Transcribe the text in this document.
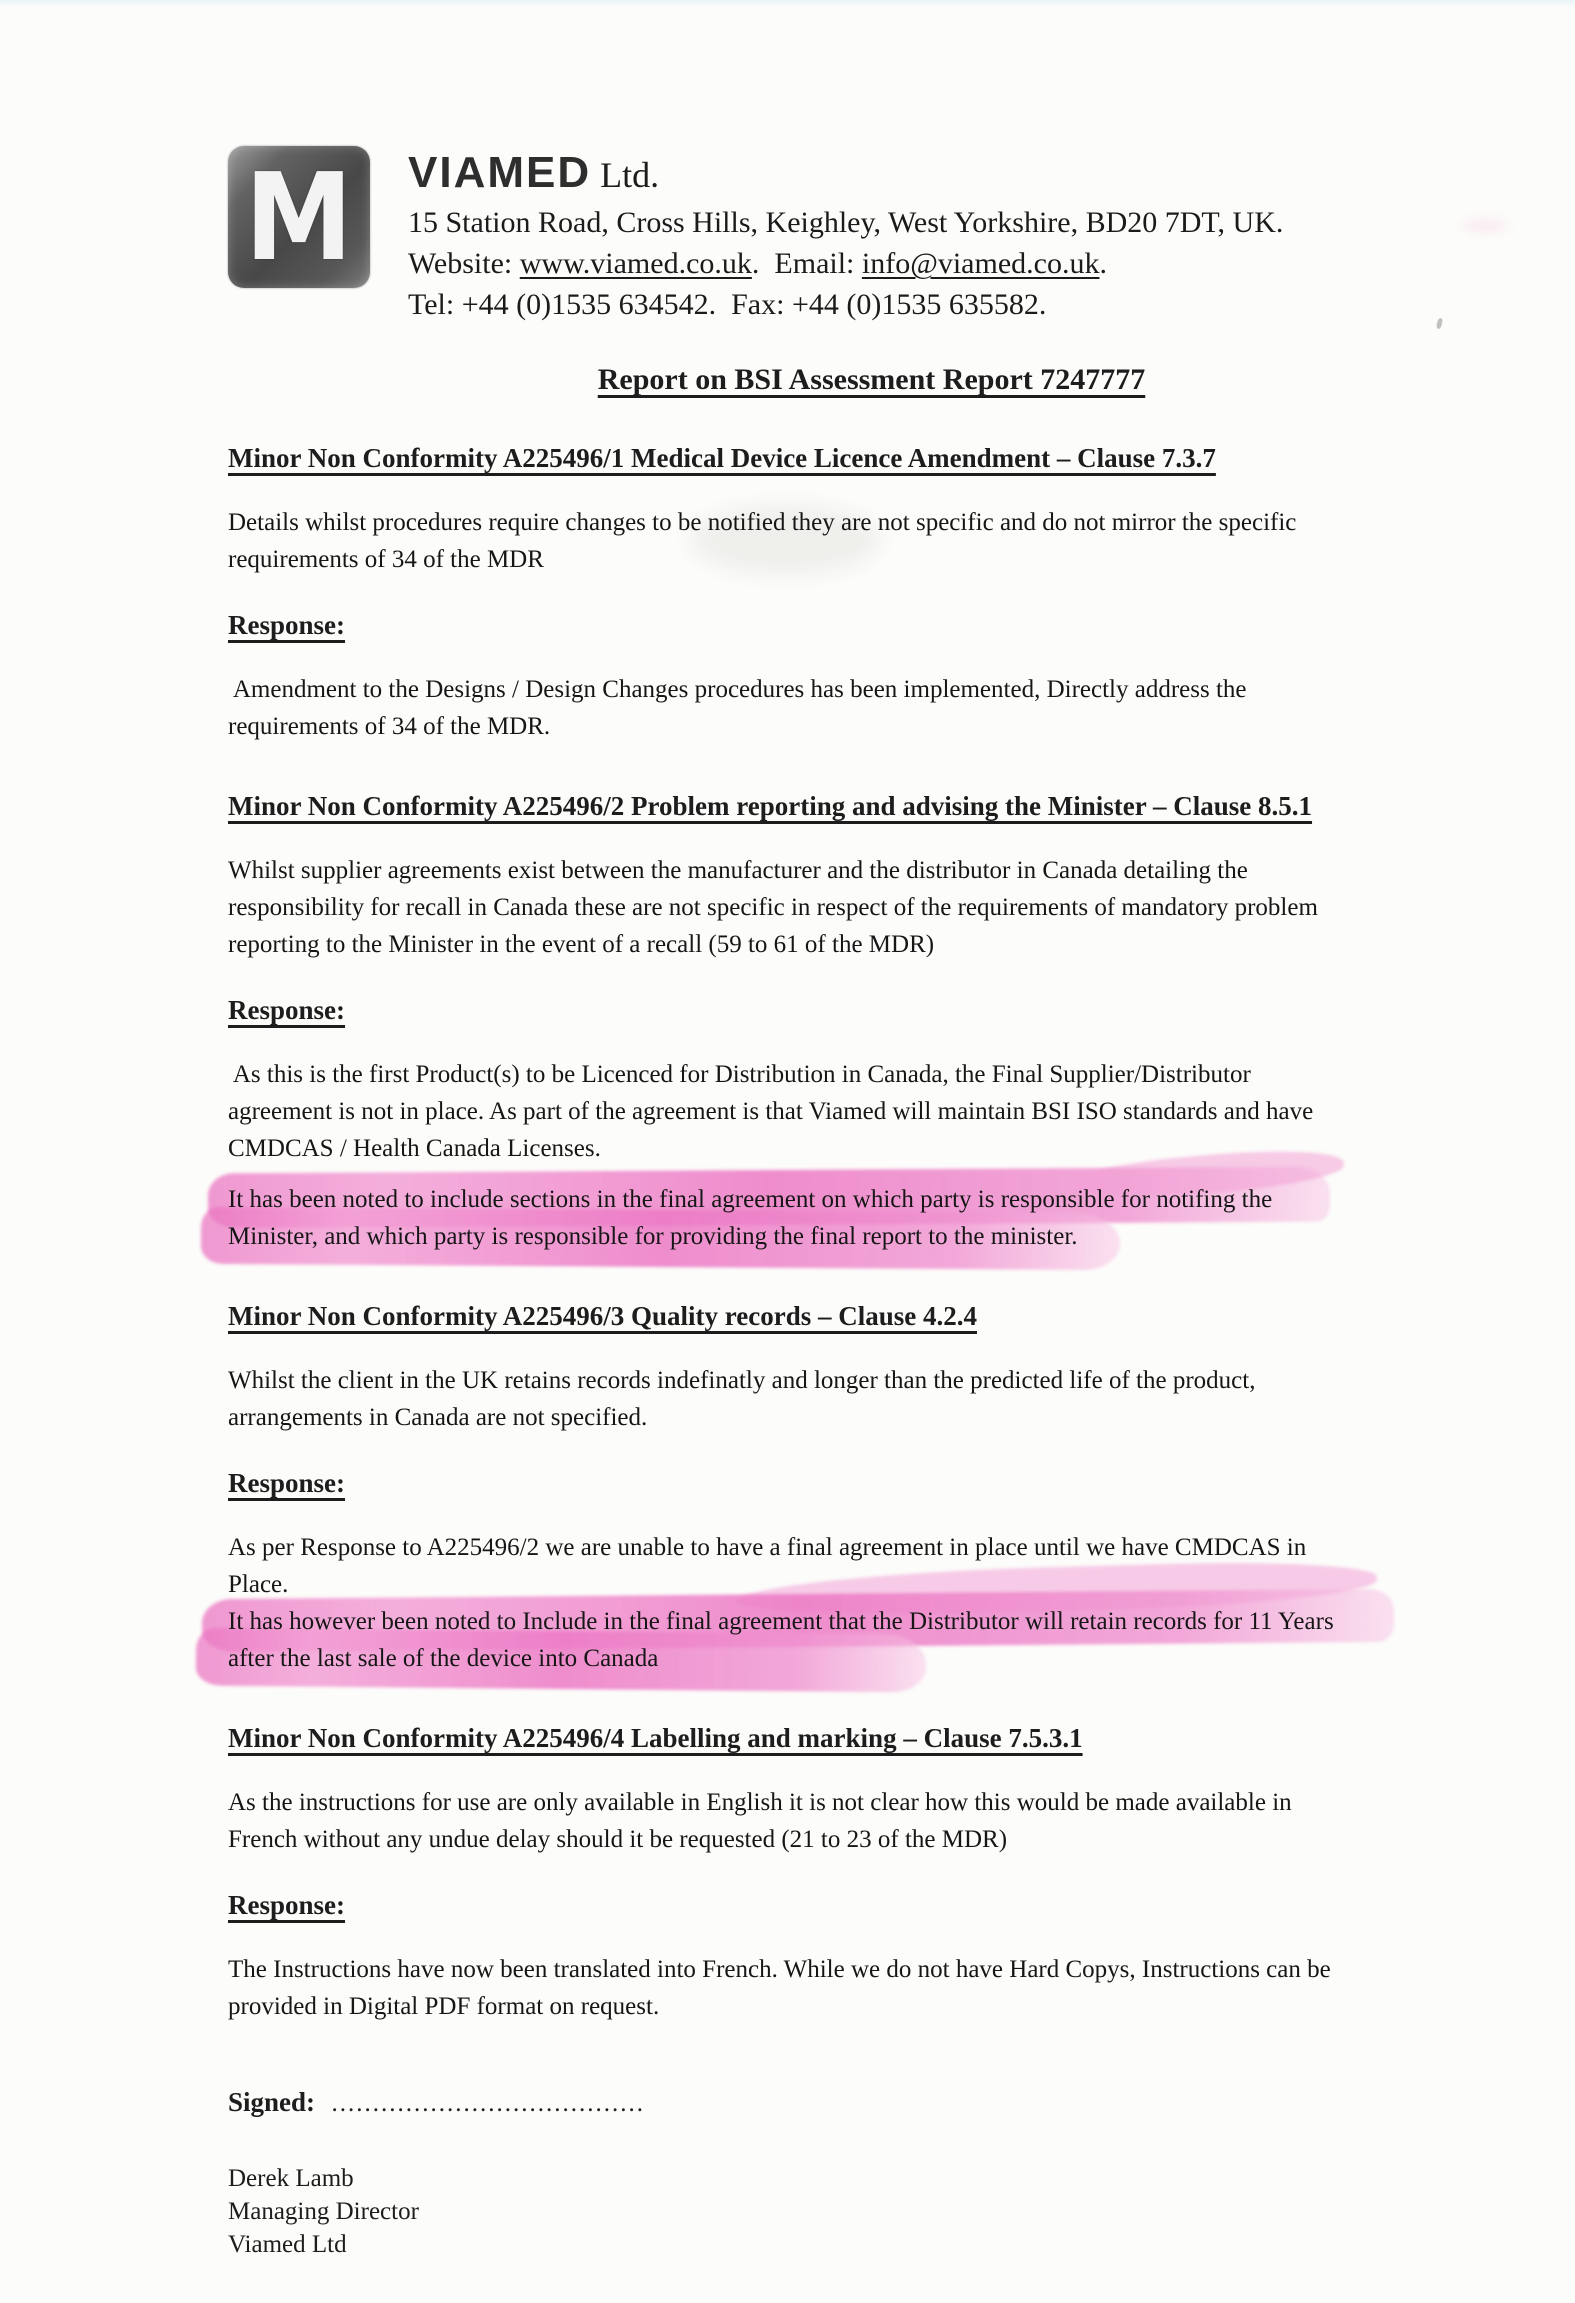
M VIAMED Ltd.
15 Station Road, Cross Hills, Keighley, West Yorkshire, BD20 7DT, UK.
Website: www.viamed.co.uk.  Email: info@viamed.co.uk.
Tel: +44 (0)1535 634542.  Fax: +44 (0)1535 635582.
Report on BSI Assessment Report 7247777
Minor Non Conformity A225496/1 Medical Device Licence Amendment – Clause 7.3.7
Details whilst procedures require changes to be notified they are not specific and do not mirror the specific
requirements of 34 of the MDR
Response:
Amendment to the Designs / Design Changes procedures has been implemented, Directly address the
requirements of 34 of the MDR.
Minor Non Conformity A225496/2 Problem reporting and advising the Minister – Clause 8.5.1
Whilst supplier agreements exist between the manufacturer and the distributor in Canada detailing the
responsibility for recall in Canada these are not specific in respect of the requirements of mandatory problem
reporting to the Minister in the event of a recall (59 to 61 of the MDR)
Response:
As this is the first Product(s) to be Licenced for Distribution in Canada, the Final Supplier/Distributor
agreement is not in place. As part of the agreement is that Viamed will maintain BSI ISO standards and have
CMDCAS / Health Canada Licenses.
It has been noted to include sections in the final agreement on which party is responsible for notifing the
Minister, and which party is responsible for providing the final report to the minister.
Minor Non Conformity A225496/3 Quality records – Clause 4.2.4
Whilst the client in the UK retains records indefinatly and longer than the predicted life of the product,
arrangements in Canada are not specified.
Response:
As per Response to A225496/2 we are unable to have a final agreement in place until we have CMDCAS in
Place.
It has however been noted to Include in the final agreement that the Distributor will retain records for 11 Years
after the last sale of the device into Canada
Minor Non Conformity A225496/4 Labelling and marking – Clause 7.5.3.1
As the instructions for use are only available in English it is not clear how this would be made available in
French without any undue delay should it be requested (21 to 23 of the MDR)
Response:
The Instructions have now been translated into French. While we do not have Hard Copys, Instructions can be
provided in Digital PDF format on request.
Signed:  ......................................
Derek Lamb
Managing Director
Viamed Ltd
